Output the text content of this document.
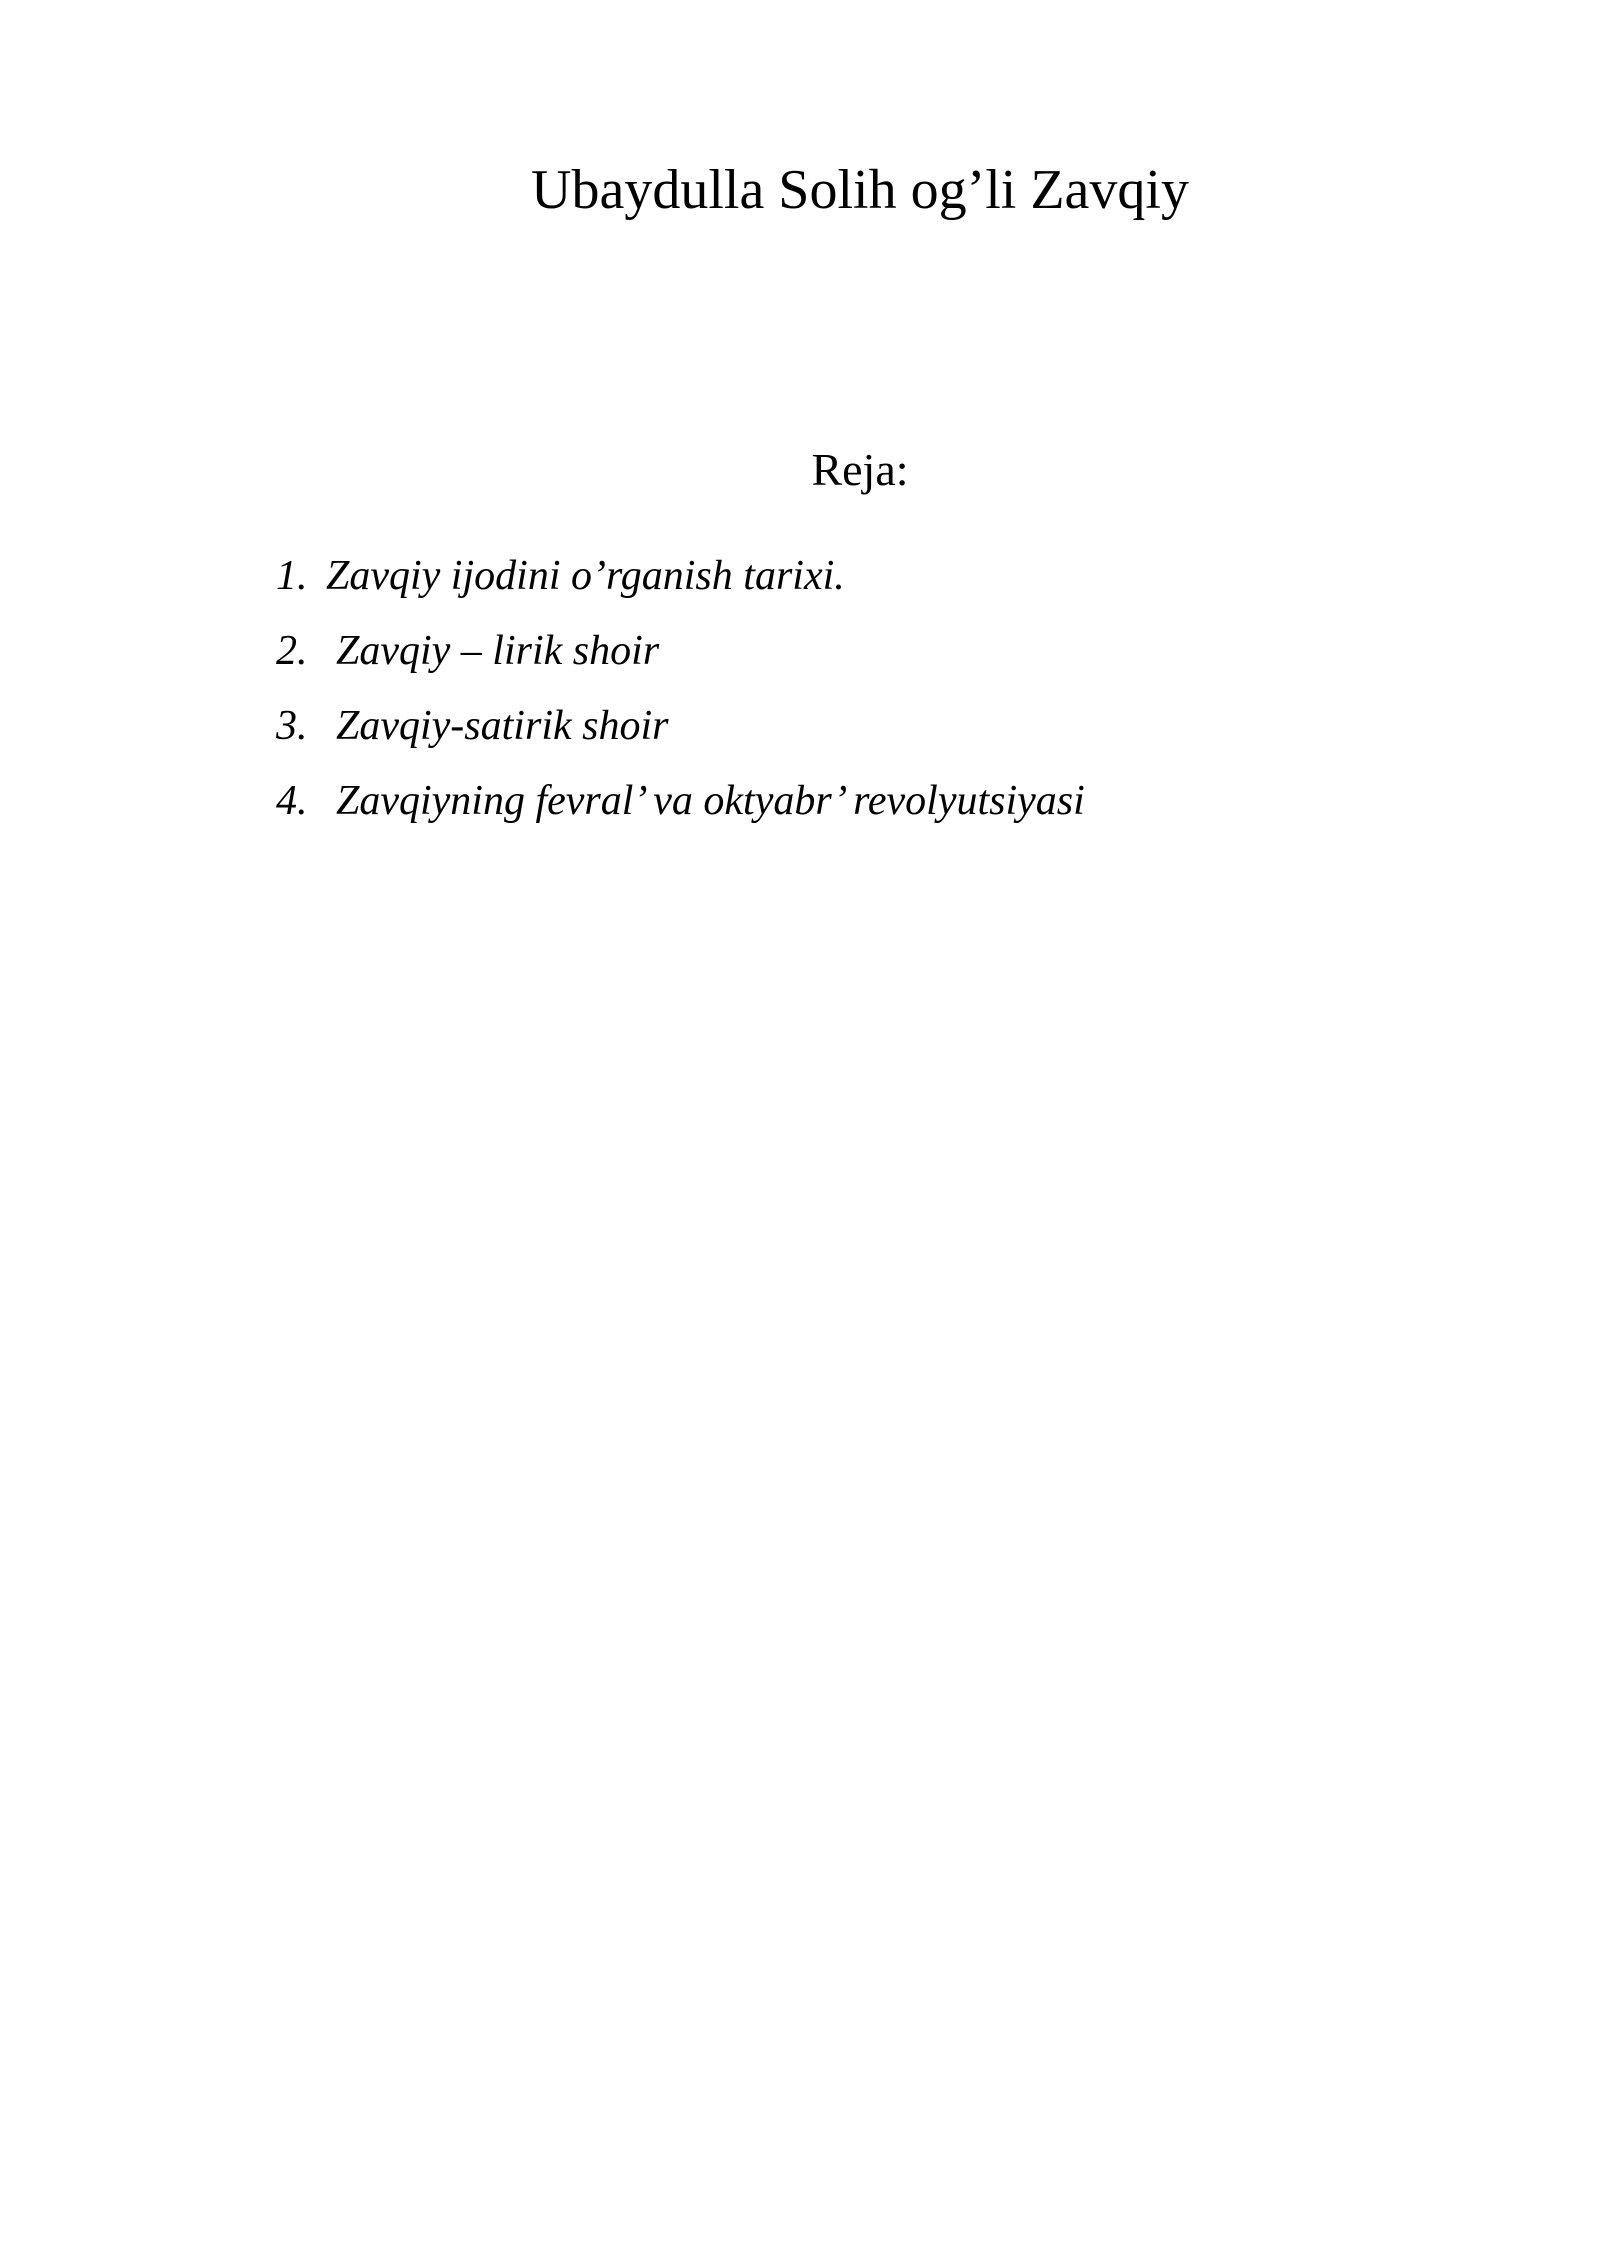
Ubaydulla Solih og’li Zavqiy
Reja:
1. Zavqiy ijodini o’rganish tarixi.
2. Zavqiy – lirik shoir
3. Zavqiy-satirik shoir
4. Zavqiyning fevral’ va oktyabr’ revolyutsiyasi
